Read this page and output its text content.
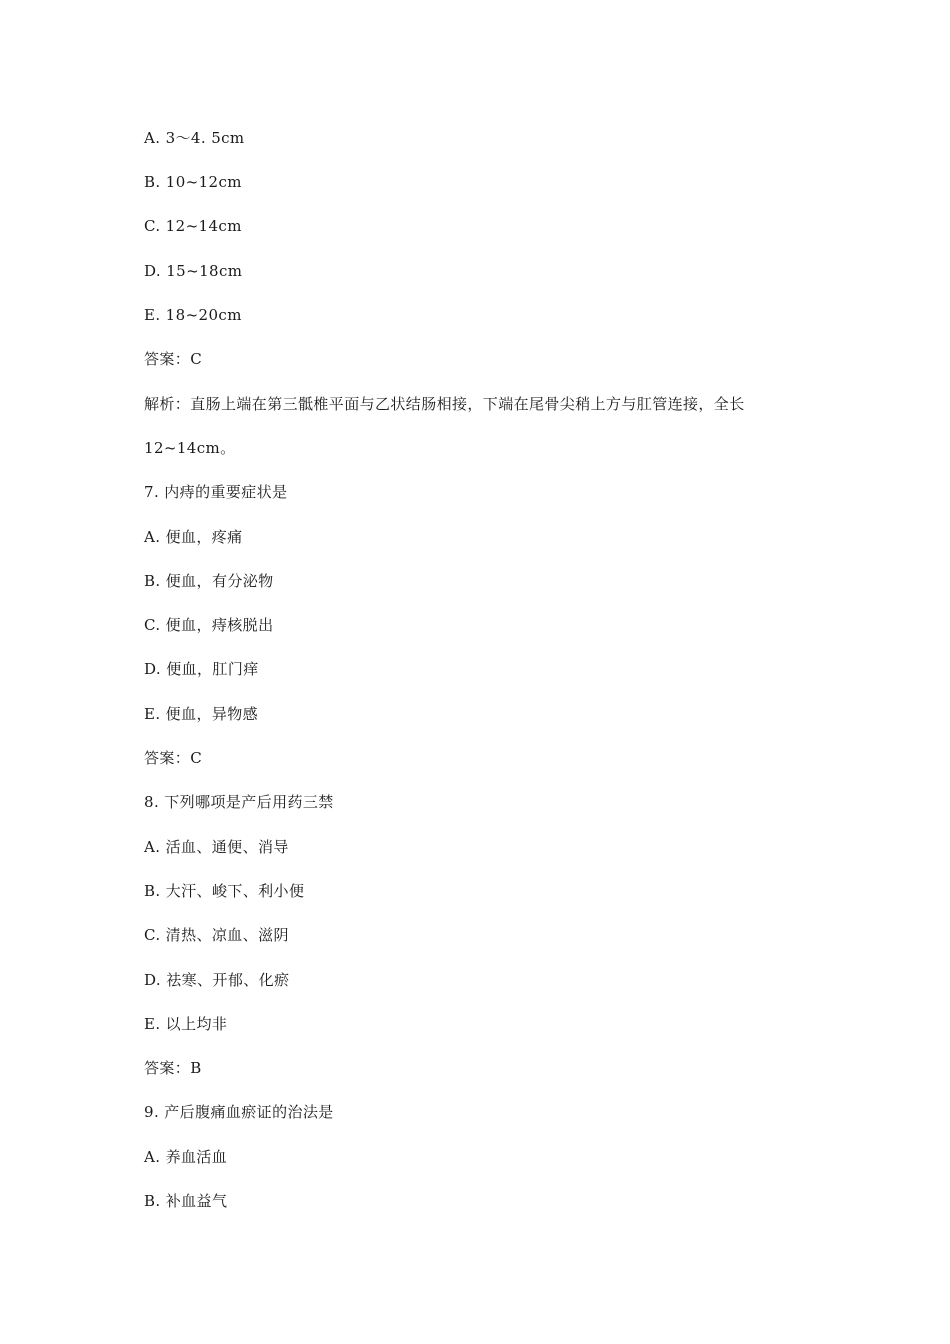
A. 3～4. 5cm
B. 10~12cm
C. 12~14cm
D. 15~18cm
E. 18~20cm
答案：C
解析：直肠上端在第三骶椎平面与乙状结肠相接，下端在尾骨尖稍上方与肛管连接，全长
12~14cm。
7. 内痔的重要症状是
A. 便血，疼痛
B. 便血，有分泌物
C. 便血，痔核脱出
D. 便血，肛门痒
E. 便血，异物感
答案：C
8. 下列哪项是产后用药三禁
A. 活血、通便、消导
B. 大汗、峻下、利小便
C. 清热、凉血、滋阴
D. 祛寒、开郁、化瘀
E. 以上均非
答案：B
9. 产后腹痛血瘀证的治法是
A. 养血活血
B. 补血益气
